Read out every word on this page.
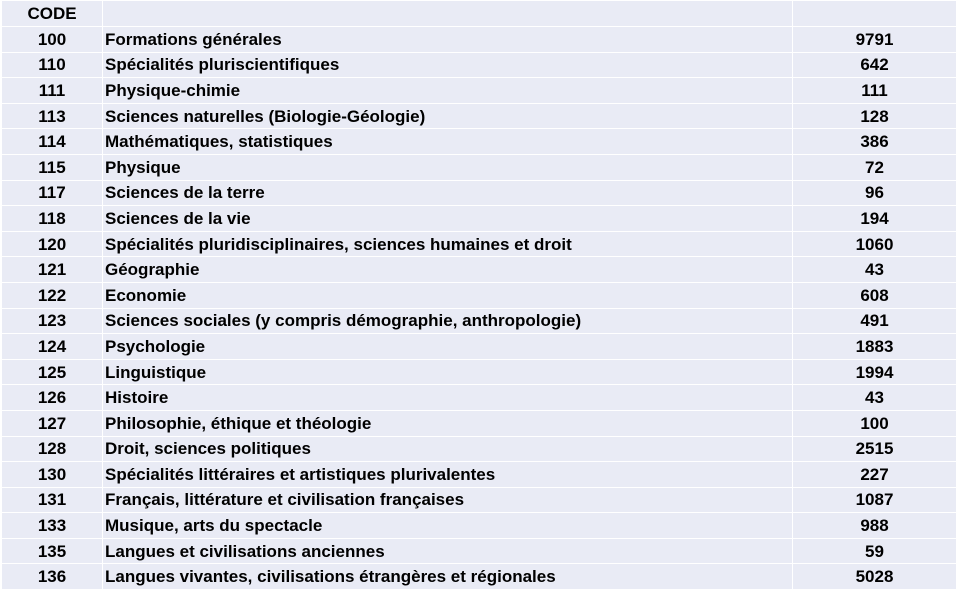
CODE		
100	Formations générales	9791
110	Spécialités pluriscientifiques	642
111	Physique-chimie	111
113	Sciences naturelles (Biologie-Géologie)	128
114	Mathématiques, statistiques	386
115	Physique	72
117	Sciences de la terre	96
118	Sciences de la vie	194
120	Spécialités pluridisciplinaires, sciences humaines et droit	1060
121	Géographie	43
122	Economie	608
123	Sciences sociales (y compris démographie, anthropologie)	491
124	Psychologie	1883
125	Linguistique	1994
126	Histoire	43
127	Philosophie, éthique et théologie	100
128	Droit, sciences politiques	2515
130	Spécialités littéraires et artistiques plurivalentes	227
131	Français, littérature et civilisation françaises	1087
133	Musique, arts du spectacle	988
135	Langues et civilisations anciennes	59
136	Langues vivantes, civilisations étrangères et régionales	5028
